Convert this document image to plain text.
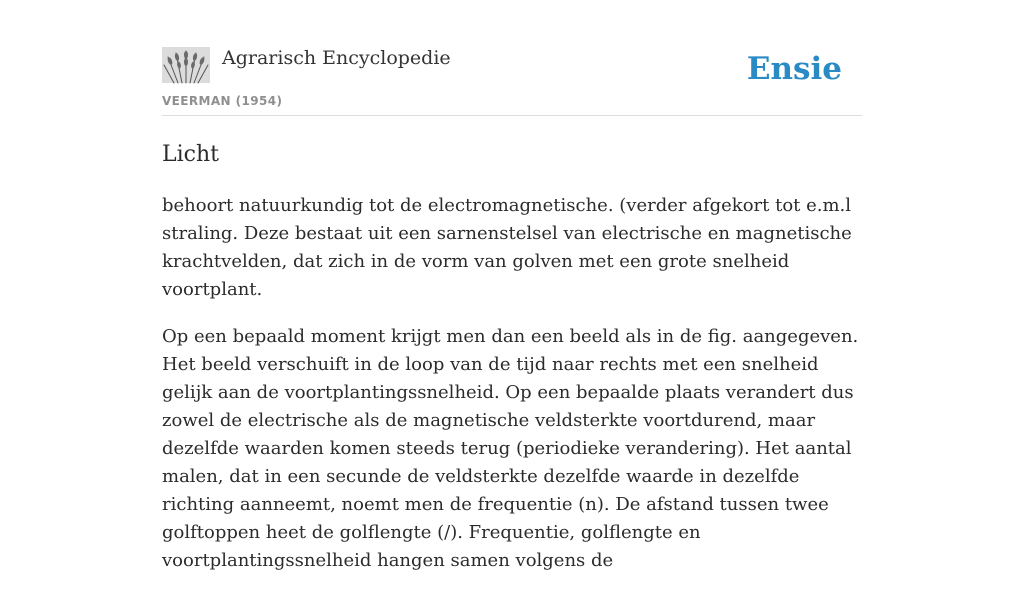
Agrarisch Encyclopedie
VEERMAN (1954)
Ensie
Licht

behoort natuurkundig tot de electromagnetische. (verder afgekort tot e.m.l straling. Deze bestaat uit een sarnenstelsel van electrische en magnetische krachtvelden, dat zich in de vorm van golven met een grote snelheid voortplant.

Op een bepaald moment krijgt men dan een beeld als in de fig. aangegeven. Het beeld verschuift in de loop van de tijd naar rechts met een snelheid gelijk aan de voortplantingssnelheid. Op een bepaalde plaats verandert dus zowel de electrische als de magnetische veldsterkte voortdurend, maar dezelfde waarden komen steeds terug (periodieke verandering). Het aantal malen, dat in een secunde de veldsterkte dezelfde waarde in dezelfde richting aanneemt, noemt men de frequentie (n). De afstand tussen twee golftoppen heet de golflengte (/). Frequentie, golflengte en voortplantingssnelheid hangen samen volgens de
